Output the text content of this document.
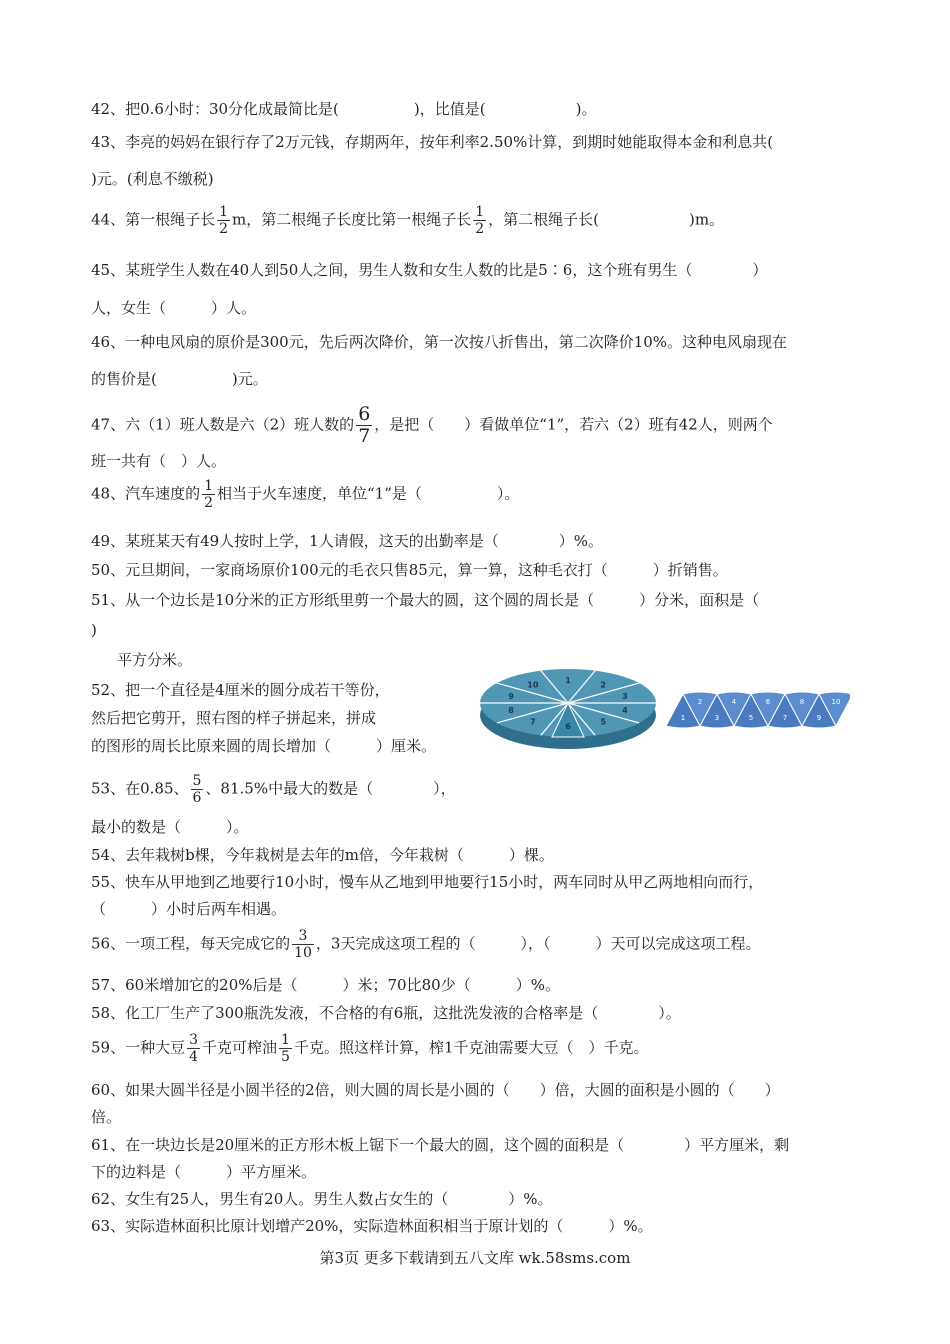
42、把0.6小时：30分化成最简比是(　　　　　)，比值是(　　　　　　)。
43、李亮的妈妈在银行存了2万元钱，存期两年，按年利率2.50%计算，到期时她能取得本金和利息共(
)元。(利息不缴税)
44、第一根绳子长 $\frac{1}{2}$ m，第二根绳子长度比第一根绳子长 $\frac{1}{2}$ ，第二根绳子长(　　　　　　)m。
45、某班学生人数在40人到50人之间，男生人数和女生人数的比是5∶6，这个班有男生（　　　　）
人，女生（　　　）人。
46、一种电风扇的原价是300元，先后两次降价，第一次按八折售出，第二次降价10%。这种电风扇现在
的售价是(　　　　　)元。
47、六（1）班人数是六（2）班人数的 $\frac{6}{7}$ ，是把（　　）看做单位“1”，若六（2）班有42人，则两个
班一共有（　）人。
48、汽车速度的 $\frac{1}{2}$ 相当于火车速度，单位“1”是（　　　　　）。
49、某班某天有49人按时上学，1人请假，这天的出勤率是（　　　　）%。
50、元旦期间，一家商场原价100元的毛衣只售85元，算一算，这种毛衣打（　　　）折销售。
51、从一个边长是10分米的正方形纸里剪一个最大的圆，这个圆的周长是（　　　）分米，面积是（
)
平方分米。
52、把一个直径是4厘米的圆分成若干等份，
然后把它剪开，照右图的样子拼起来，拼成
的图形的周长比原来圆的周长增加（　　　）厘米。
1	2
3
4
5
6
7
8
9
10
1
2
3
4
5
6
7
8
9
10
53、在0.85、 $\frac{5}{6}$ 、81.5%中最大的数是（　　　　），
最小的数是（　　　）。
54、去年栽树b棵，今年栽树是去年的m倍，今年栽树（　　　）棵。
55、快车从甲地到乙地要行10小时，慢车从乙地到甲地要行15小时，两车同时从甲乙两地相向而行，
（　　　）小时后两车相遇。
56、一项工程，每天完成它的 $\frac{3}{10}$ ，3天完成这项工程的（　　　），（　　　）天可以完成这项工程。
57、60米增加它的20%后是（　　　）米；70比80少（　　　）%。
58、化工厂生产了300瓶洗发液，不合格的有6瓶，这批洗发液的合格率是（　　　　）。
59、一种大豆 $\frac{3}{4}$ 千克可榨油 $\frac{1}{5}$ 千克。照这样计算，榨1千克油需要大豆（　）千克。
60、如果大圆半径是小圆半径的2倍，则大圆的周长是小圆的（　　）倍，大圆的面积是小圆的（　　）
倍。
61、在一块边长是20厘米的正方形木板上锯下一个最大的圆，这个圆的面积是（　　　　）平方厘米，剩
下的边料是（　　　）平方厘米。
62、女生有25人，男生有20人。男生人数占女生的（　　　　）%。
63、实际造林面积比原计划增产20%，实际造林面积相当于原计划的（　　　）%。
第3页 更多下载请到五八文库 wk.58sms.com
